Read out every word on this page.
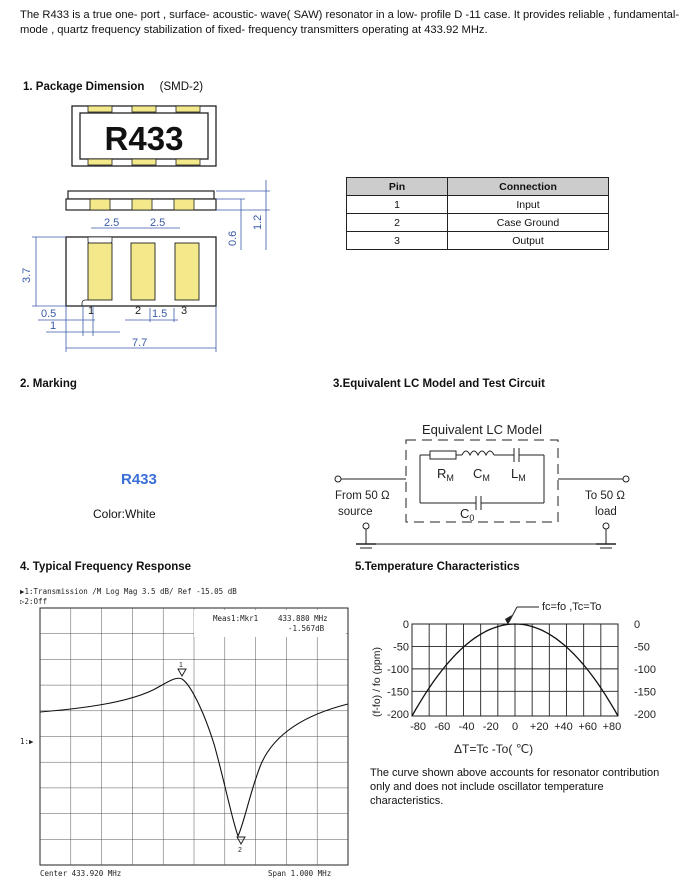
The R433 is a true one- port , surface- acoustic- wave( SAW) resonator in a low- profile D -11 case. It provides reliable , fundamental- mode , quartz frequency stabilization of fixed- frequency transmitters operating at 433.92 MHz.
1. Package Dimension (SMD-2)
R433
0.6
1.2
2.5	2.5
3.7
1	2	3
0.5	1.5
1
7.7
Pin	Connection
1	Input
2	Case Ground
3	Output
2. Marking	3.Equivalent LC Model and Test Circuit
R433
Color:White
Equivalent LC Model
$R_M$ $C_M$ $L_M$
$C_0$
From 50 Ω
source
To 50 Ω
load
4. Typical Frequency Response	5.Temperature Characteristics
▶1:Transmission /M Log Mag 3.5 dB/ Ref -15.05 dB
▷2:Off
Meas1:Mkr1	433.880 MHz
-1.567dB
1:▶
1
2
Center 433.920 MHz	Span 1.000 MHz
fc=fo ,Tc=To
(f-fo) / fo (ppm)
ΔT=Tc -To( ℃)
0	0
-50	-50
-100	-100
-150	-150
-200	-200
-80 -60 -40 -20 0 +20 +40 +60 +80
The curve shown above accounts for resonator contribution only and does not include oscillator temperature characteristics.
